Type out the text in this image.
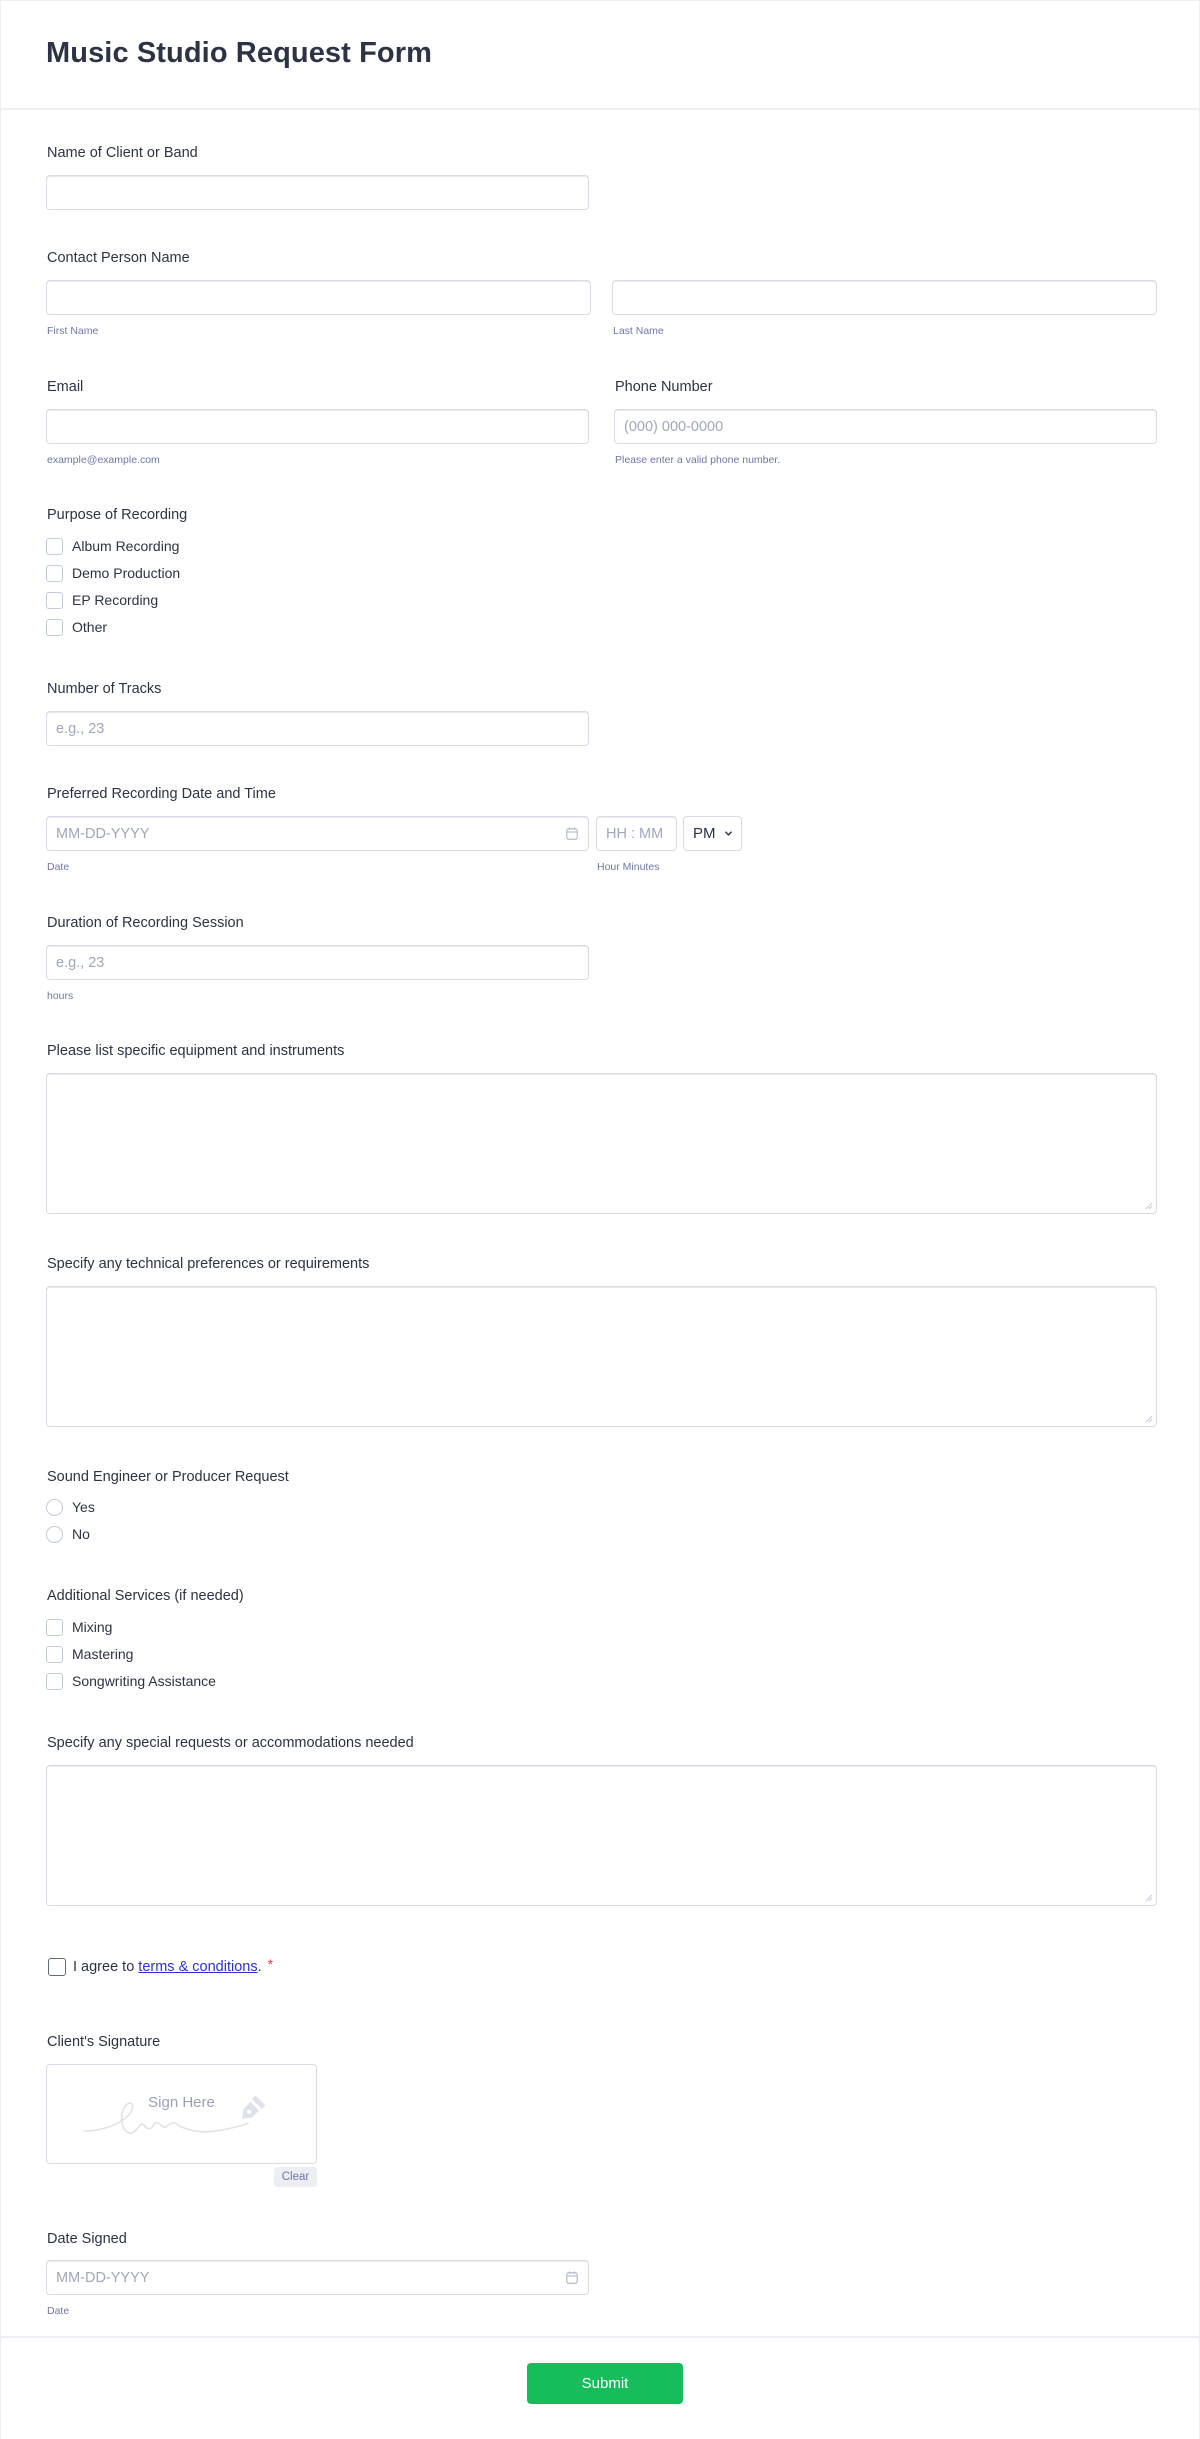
Music Studio Request Form
Name of Client or Band
Contact Person Name
First Name	Last Name
Email
example@example.com
Phone Number
(000) 000-0000
Please enter a valid phone number.
Purpose of Recording
Album Recording
Demo Production
EP Recording
Other
Number of Tracks
e.g., 23
Preferred Recording Date and Time
MM-DD-YYYY
Date
HH : MM	Hour Minutes
PM
Duration of Recording Session
e.g., 23
hours
Please list specific equipment and instruments
Specify any technical preferences or requirements
Sound Engineer or Producer Request
Yes
No
Additional Services (if needed)
Mixing
Mastering
Songwriting Assistance
Specify any special requests or accommodations needed
I agree to terms & conditions. *
Client's Signature
Sign Here
Clear
Date Signed
MM-DD-YYYY
Date
Submit
